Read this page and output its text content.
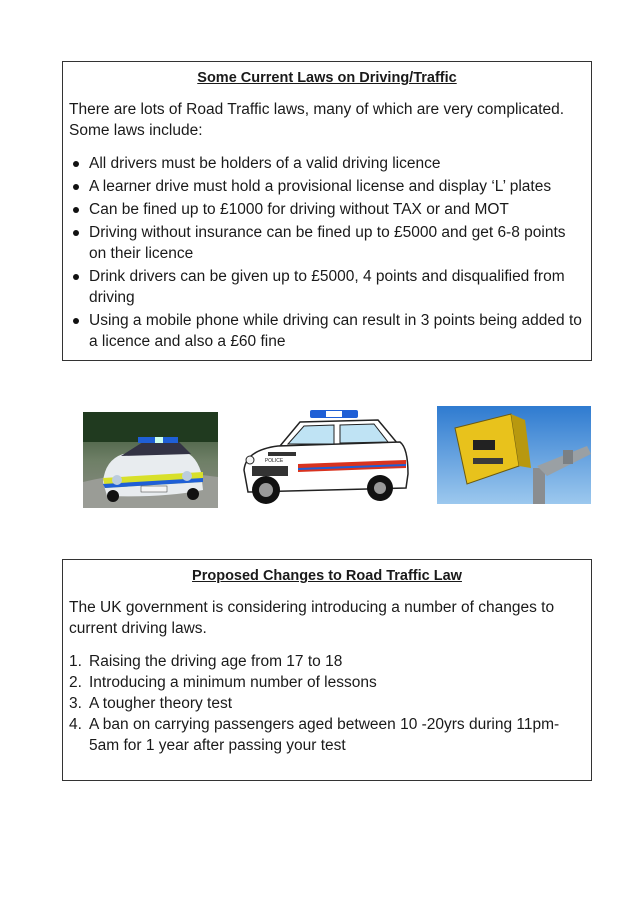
Some Current Laws on Driving/Traffic
There are lots of Road Traffic laws, many of which are very complicated. Some laws include:
All drivers must be holders of a valid driving licence
A learner drive must hold a provisional license and display ‘L’ plates
Can be fined up to £1000 for driving without TAX or and MOT
Driving without insurance can be fined up to £5000 and get 6-8 points on their licence
Drink drivers can be given up to £5000, 4 points and disqualified from driving
Using a mobile phone while driving can result in 3 points being added to a licence and also a £60 fine
POLICE
Proposed Changes to Road Traffic Law
The UK government is considering introducing a number of changes to current driving laws.
1. Raising the driving age from 17 to 18
2. Introducing a minimum number of lessons
3. A tougher theory test
4. A ban on carrying passengers aged between 10 -20yrs during 11pm-5am for 1 year after passing your test
